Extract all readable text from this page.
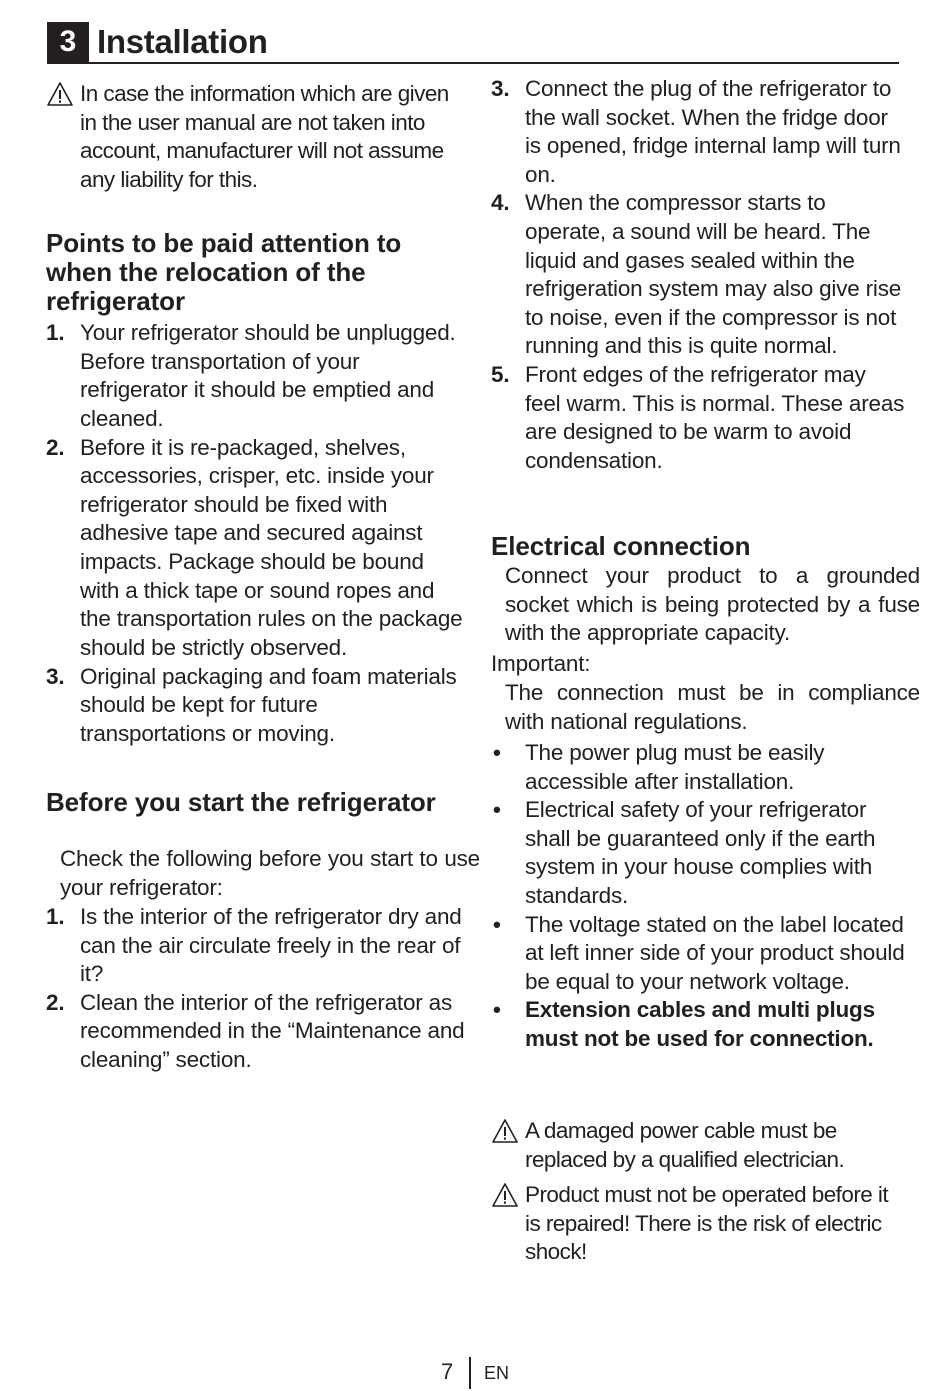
3 Installation
In case the information which are given in the user manual are not taken into account, manufacturer will not assume any liability for this.
Points to be paid attention to when the relocation of the refrigerator
1. Your refrigerator should be unplugged. Before transportation of your refrigerator it should be emptied and cleaned.
2. Before it is re-packaged, shelves, accessories, crisper, etc. inside your refrigerator should be fixed with adhesive tape and secured against impacts. Package should be bound with a thick tape or sound ropes and the transportation rules on the package should be strictly observed.
3. Original packaging and foam materials should be kept for future transportations or moving.
Before you start the refrigerator
Check the following before you start to use your refrigerator:
1. Is the interior of the refrigerator dry and can the air circulate freely in the rear of it?
2. Clean the interior of the refrigerator as recommended in the “Maintenance and cleaning” section.
3. Connect the plug of the refrigerator to the wall socket. When the fridge door is opened, fridge internal lamp will turn on.
4. When the compressor starts to operate, a sound will be heard. The liquid and gases sealed within the refrigeration system may also give rise to noise, even if the compressor is not running and this is quite normal.
5. Front edges of the refrigerator may feel warm. This is normal. These areas are designed to be warm to avoid condensation.
Electrical connection
Connect your product to a grounded socket which is being protected by a fuse with the appropriate capacity.
Important:
The connection must be in compliance with national regulations.
• The power plug must be easily accessible after installation.
• Electrical safety of your refrigerator shall be guaranteed only if the earth system in your house complies with standards.
• The voltage stated on the label located at left inner side of your product should be equal to your network voltage.
• Extension cables and multi plugs must not be used for connection.
A damaged power cable must be replaced by a qualified electrician.
Product must not be operated before it is repaired! There is the risk of electric shock!
7 EN
